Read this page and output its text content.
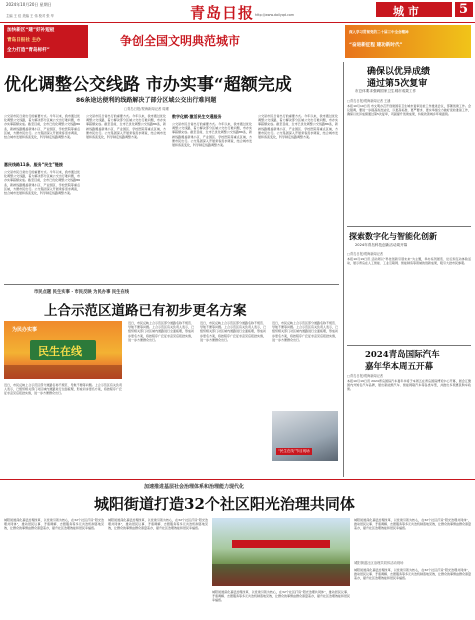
青岛日报
2024年10月20日 星期日
主编 王 佳 美编 王 伟 校对 张 华	http://www.dailyqd.com	城 市	5
加快新区“建”好补短板
青岛日报社 主办
全力打造“青岛标杆”
争创全国文明典范城市
深入学习贯彻党的二十届三中全会精神
“奋进新征程 建功新时代”
优化调整公交线路 市办实事“超额完成
86条途达便利的线路解决了部分区域公交出行难问题
□青岛日报/观海新闻记者 周瑾
公交是市民日常出行的重要方式。今年以来，我市通过优化调整公交线路，着力解决部分区域公交出行难问题，市办实事超额完成。截至目前，全市已优化调整公交线路86条，新辟线路覆盖新建小区、产业园区、学校医院等重点区域，方便市民出行。公交集团深入开展乘客需求调查，结合城市发展和客流变化，科学制定线路调整方案。
惠民线路11条、服务“民生”链接
公交是市民日常出行的重要方式。今年以来，我市通过优化调整公交线路，着力解决部分区域公交出行难问题，市办实事超额完成。截至目前，全市已优化调整公交线路86条，新辟线路覆盖新建小区、产业园区、学校医院等重点区域，方便市民出行。公交集团深入开展乘客需求调查，结合城市发展和客流变化，科学制定线路调整方案。
公交是市民日常出行的重要方式。今年以来，我市通过优化调整公交线路，着力解决部分区域公交出行难问题，市办实事超额完成。截至目前，全市已优化调整公交线路86条，新辟线路覆盖新建小区、产业园区、学校医院等重点区域，方便市民出行。公交集团深入开展乘客需求调查，结合城市发展和客流变化，科学制定线路调整方案。
数字化赋·激活民生交通服务
公交是市民日常出行的重要方式。今年以来，我市通过优化调整公交线路，着力解决部分区域公交出行难问题，市办实事超额完成。截至目前，全市已优化调整公交线路86条，新辟线路覆盖新建小区、产业园区、学校医院等重点区域，方便市民出行。公交集团深入开展乘客需求调查，结合城市发展和客流变化，科学制定线路调整方案。
公交是市民日常出行的重要方式。今年以来，我市通过优化调整公交线路，着力解决部分区域公交出行难问题，市办实事超额完成。截至目前，全市已优化调整公交线路86条，新辟线路覆盖新建小区、产业园区、学校医院等重点区域，方便市民出行。公交集团深入开展乘客需求调查，结合城市发展和客流变化，科学制定线路调整方案。
确保以优异成绩
通过第5次复审
市总体要求强调国家卫生城市成果工作
□青岛日报/观海新闻记者 王涵
本报10月19日讯 市文明办召开创建国家卫生城市复审迎检工作推进会议，部署创建工作。会议强调，要进一步提高政治站位，以更高标准、更严要求、更实举措全力做好迎检准备工作，确保以优异成绩通过第5次复审，巩固提升创建成果，持续改善城乡环境面貌。
探索数字化与智能化创新
2024年青岛科技创新活动周开幕
□青岛日报/观海新闻记者
本报10月19日讯 活动周以“科技创新引领未来”为主题，举办系列展览、论坛和互动体验活动，展示青岛在人工智能、工业互联网、智能制造等领域的创新成果，吸引大批市民参观。
2024青岛国际汽车
嘉年华本周五开幕
□青岛日报/观海新闻记者
本报10月19日讯 2024青岛国际汽车嘉年华将于本周五在青岛国际博览中心开幕，展会汇聚国内外知名汽车品牌，展出新能源汽车、智能网联汽车等各类车型，并推出多项惠民购车政策。
市民点题 民生实事 · 市民反映 为民办事 民生在线
上合示范区道路已有初步更名方案
为民办实事
民生在线
近日，市民反映上合示范区部分道路名称不规范、导航不便等问题。上合示范区有关负责人表示，已组织相关部门对区域内道路进行全面梳理，形成初步更名方案，将按程序广泛征求意见后报批实施，进一步方便群众出行。
近日，市民反映上合示范区部分道路名称不规范、导航不便等问题。上合示范区有关负责人表示，已组织相关部门对区域内道路进行全面梳理，形成初步更名方案，将按程序广泛征求意见后报批实施，进一步方便群众出行。
近日，市民反映上合示范区部分道路名称不规范、导航不便等问题。上合示范区有关负责人表示，已组织相关部门对区域内道路进行全面梳理，形成初步更名方案，将按程序广泛征求意见后报批实施，进一步方便群众出行。
近日，市民反映上合示范区部分道路名称不规范、导航不便等问题。上合示范区有关负责人表示，已组织相关部门对区域内道路进行全面梳理，形成初步更名方案，将按程序广泛征求意见后报批实施，进一步方便群众出行。
“民生在线”节目现场
加速推进基层社会治理体系和治理能力现代化
城阳街道打造32个社区阳光治理共同体
城阳街道深化基层治理改革，以党建引领为核心，在32个社区打造“阳光治理共同体”，推动居民议事、矛盾调解、志愿服务等多元共治机制落地见效，让群众的事情由群众商量着办，提升社区治理效能和居民幸福感。
城阳街道深化基层治理改革，以党建引领为核心，在32个社区打造“阳光治理共同体”，推动居民议事、矛盾调解、志愿服务等多元共治机制落地见效，让群众的事情由群众商量着办，提升社区治理效能和居民幸福感。
城阳街道社区治理共同体活动现场
城阳街道深化基层治理改革，以党建引领为核心，在32个社区打造“阳光治理共同体”，推动居民议事、矛盾调解、志愿服务等多元共治机制落地见效，让群众的事情由群众商量着办，提升社区治理效能和居民幸福感。
城阳街道深化基层治理改革，以党建引领为核心，在32个社区打造“阳光治理共同体”，推动居民议事、矛盾调解、志愿服务等多元共治机制落地见效，让群众的事情由群众商量着办，提升社区治理效能和居民幸福感。
城阳街道深化基层治理改革，以党建引领为核心，在32个社区打造“阳光治理共同体”，推动居民议事、矛盾调解、志愿服务等多元共治机制落地见效，让群众的事情由群众商量着办，提升社区治理效能和居民幸福感。
